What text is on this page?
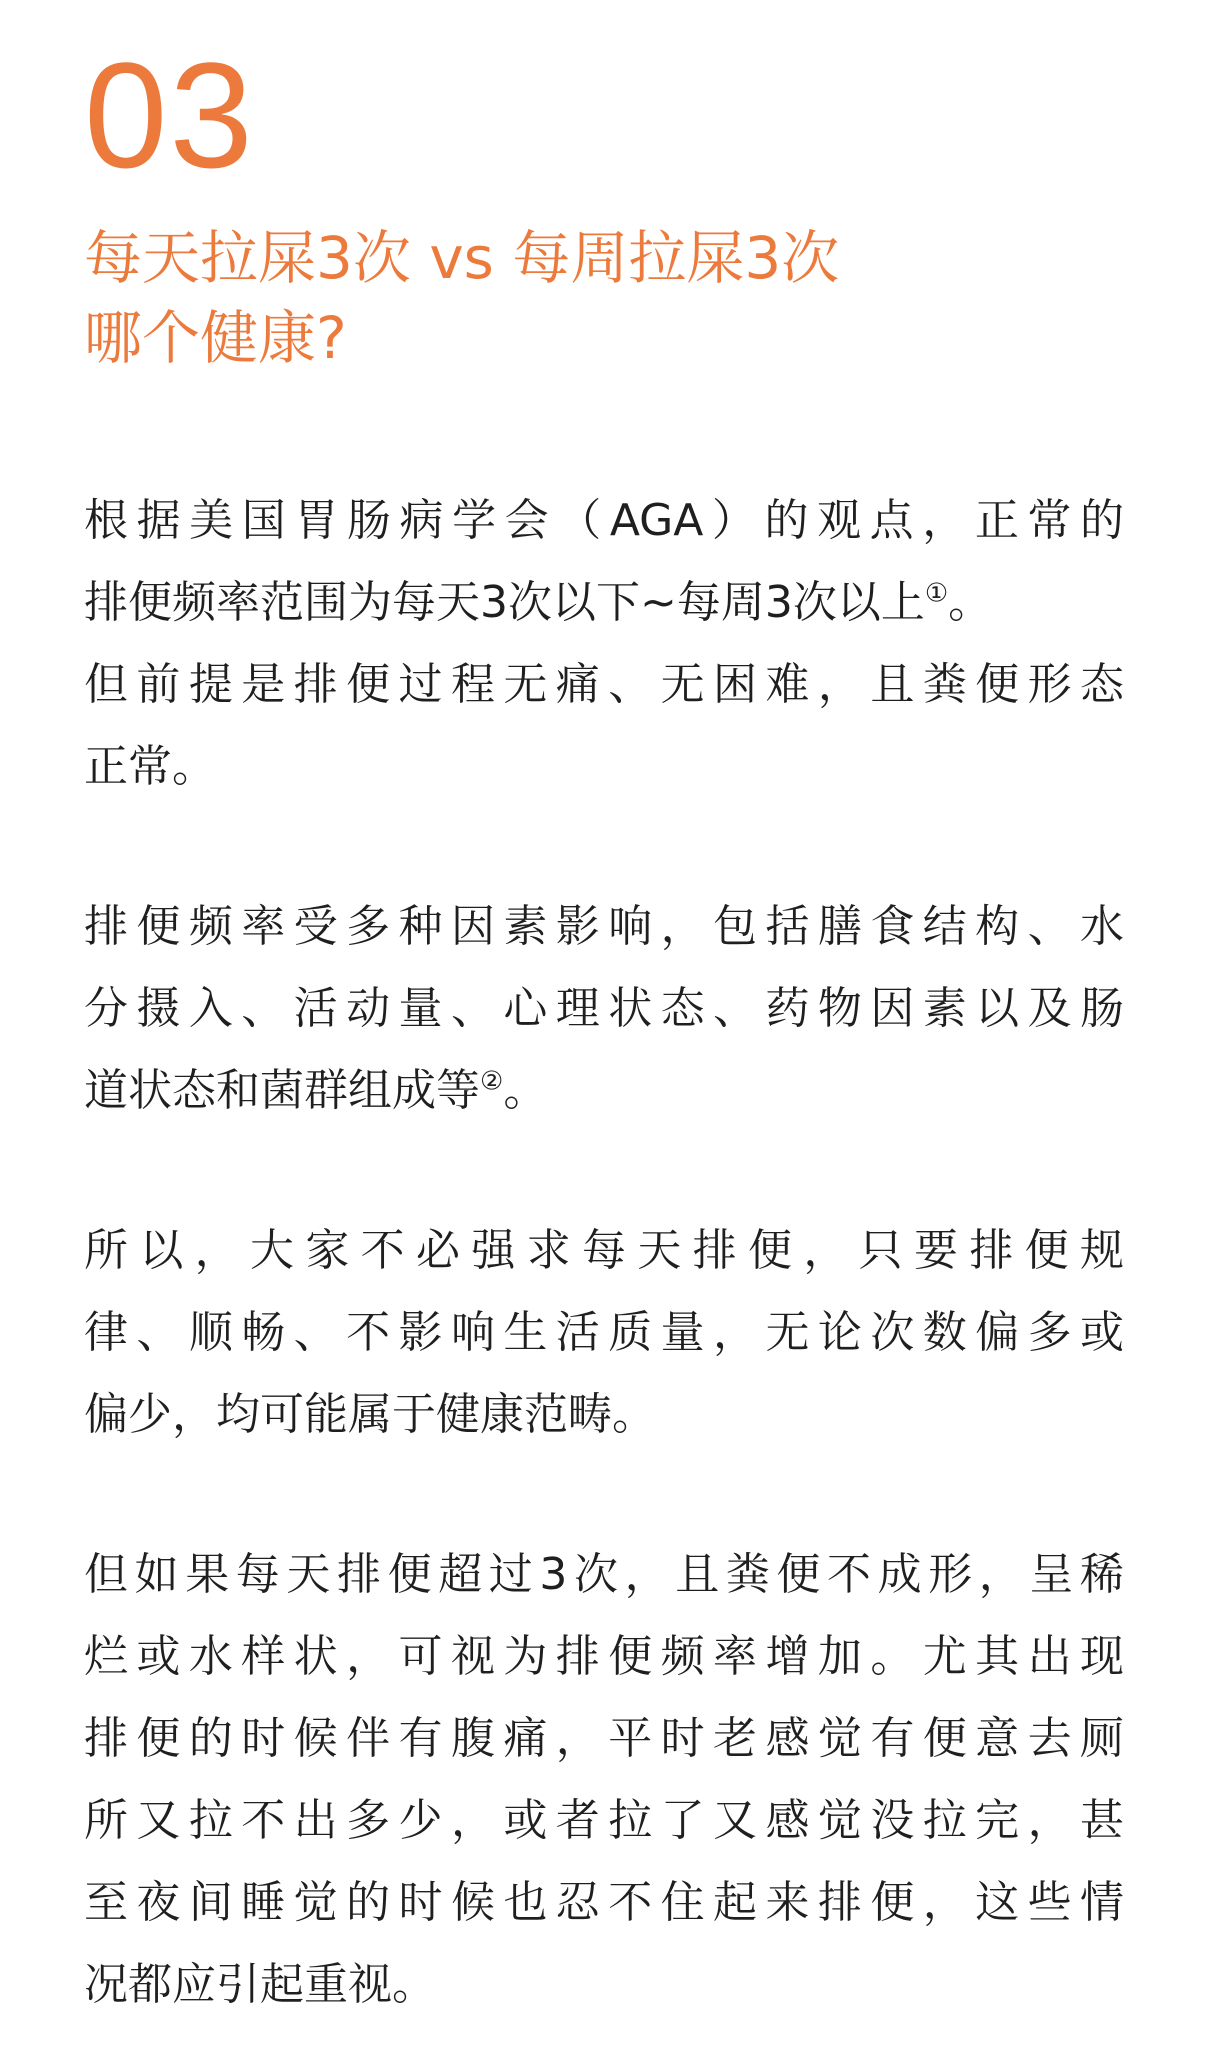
03
每天拉屎3次 vs 每周拉屎3次
哪个健康?
根据美国胃肠病学会（AGA）的观点，正常的
排便频率范围为每天3次以下~每周3次以上①。
但前提是排便过程无痛、无困难，且粪便形态
正常。
排便频率受多种因素影响，包括膳食结构、水
分摄入、活动量、心理状态、药物因素以及肠
道状态和菌群组成等②。
所以，大家不必强求每天排便，只要排便规
律、顺畅、不影响生活质量，无论次数偏多或
偏少，均可能属于健康范畴。
但如果每天排便超过3次，且粪便不成形，呈稀
烂或水样状，可视为排便频率增加。尤其出现
排便的时候伴有腹痛，平时老感觉有便意去厕
所又拉不出多少，或者拉了又感觉没拉完，甚
至夜间睡觉的时候也忍不住起来排便，这些情
况都应引起重视。
